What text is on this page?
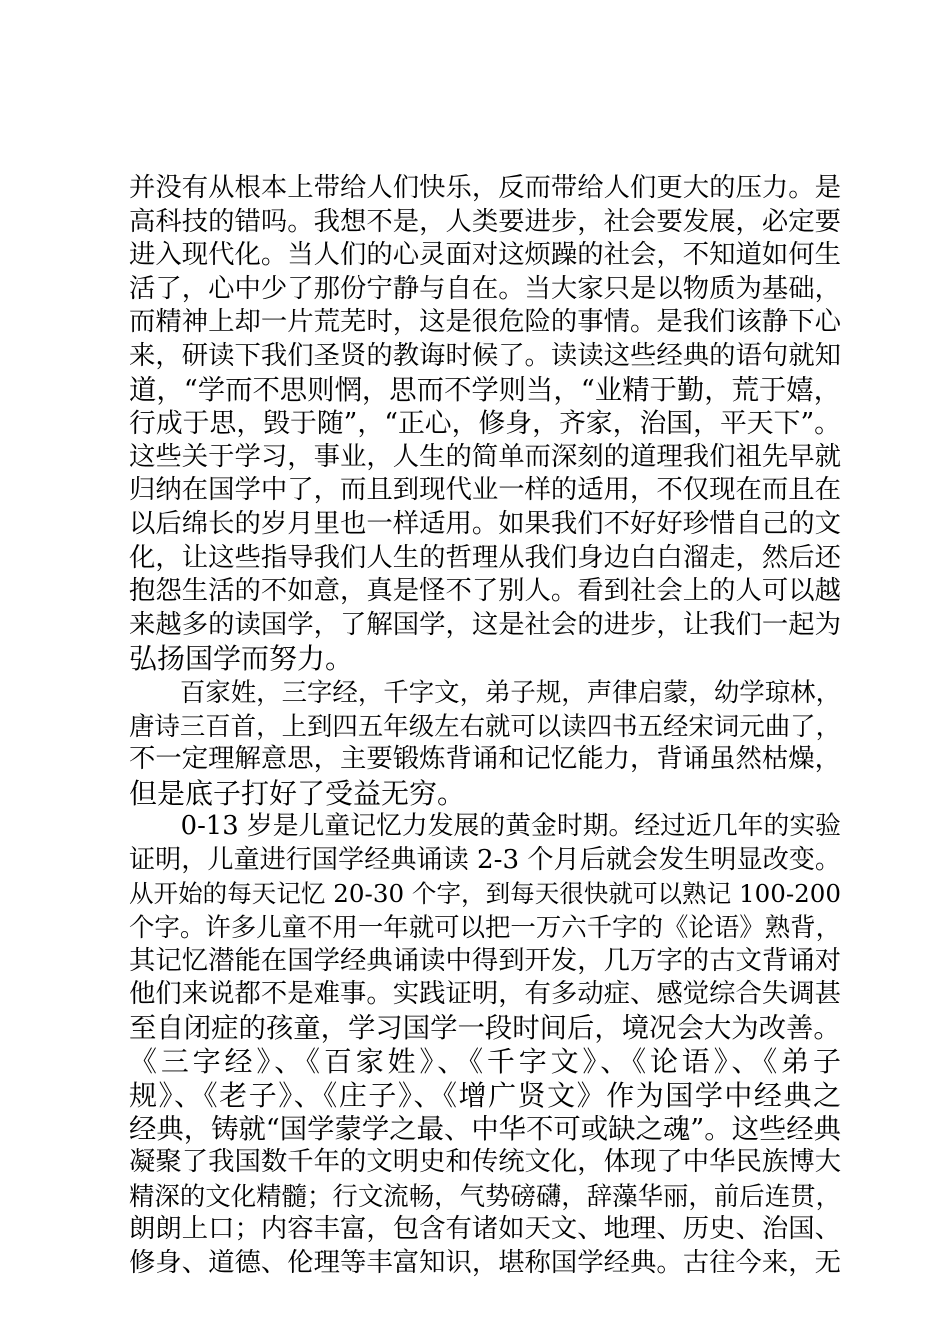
并没有从根本上带给人们快乐，反而带给人们更大的压力。是
高科技的错吗。我想不是，人类要进步，社会要发展，必定要
进入现代化。当人们的心灵面对这烦躁的社会，不知道如何生
活了，心中少了那份宁静与自在。当大家只是以物质为基础，
而精神上却一片荒芜时，这是很危险的事情。是我们该静下心
来，研读下我们圣贤的教诲时候了。读读这些经典的语句就知
道，“学而不思则惘，思而不学则当，“业精于勤，荒于嬉，
行成于思，毁于随”，“正心，修身，齐家，治国，平天下”。
这些关于学习，事业，人生的简单而深刻的道理我们祖先早就
归纳在国学中了，而且到现代业一样的适用，不仅现在而且在
以后绵长的岁月里也一样适用。如果我们不好好珍惜自己的文
化，让这些指导我们人生的哲理从我们身边白白溜走，然后还
抱怨生活的不如意，真是怪不了别人。看到社会上的人可以越
来越多的读国学，了解国学，这是社会的进步，让我们一起为
弘扬国学而努力。
　　百家姓，三字经，千字文，弟子规，声律启蒙，幼学琼林，
唐诗三百首，上到四五年级左右就可以读四书五经宋词元曲了，
不一定理解意思，主要锻炼背诵和记忆能力，背诵虽然枯燥，
但是底子打好了受益无穷。
　　0-13 岁是儿童记忆力发展的黄金时期。经过近几年的实验
证明，儿童进行国学经典诵读 2-3 个月后就会发生明显改变。
从开始的每天记忆 20-30 个字，到每天很快就可以熟记 100-200
个字。许多儿童不用一年就可以把一万六千字的《论语》熟背，
其记忆潜能在国学经典诵读中得到开发，几万字的古文背诵对
他们来说都不是难事。实践证明，有多动症、感觉综合失调甚
至自闭症的孩童，学习国学一段时间后，境况会大为改善。
《三字经》、《百家姓》、《千字文》、《论语》、《弟子
规》、《老子》、《庄子》、《增广贤文》作为国学中经典之
经典，铸就“国学蒙学之最、中华不可或缺之魂”。这些经典
凝聚了我国数千年的文明史和传统文化，体现了中华民族博大
精深的文化精髓；行文流畅，气势磅礴，辞藻华丽，前后连贯，
朗朗上口；内容丰富，包含有诸如天文、地理、历史、治国、
修身、道德、伦理等丰富知识，堪称国学经典。古往今来，无
